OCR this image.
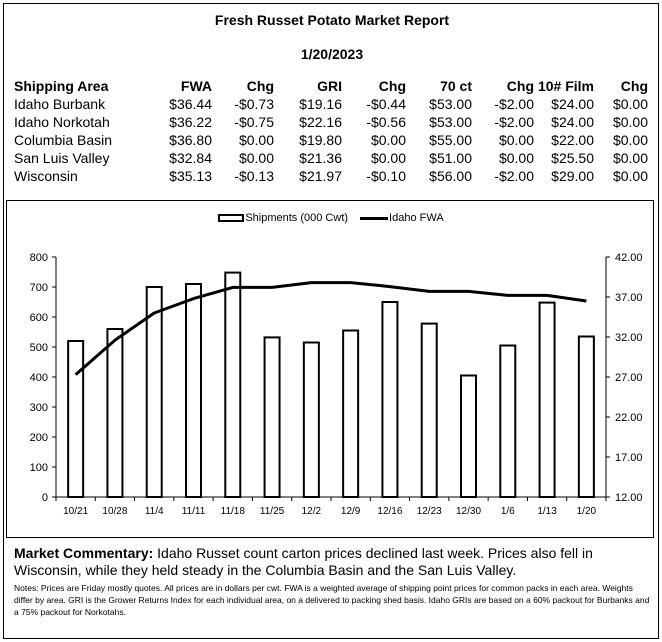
Fresh Russet Potato Market Report
1/20/2023
Shipping Area	FWA	Chg	GRI	Chg	70 ct	Chg	10# Film	Chg
Idaho Burbank	$36.44	-$0.73	$19.16	-$0.44	$53.00	-$2.00	$24.00	$0.00
Idaho Norkotah	$36.22	-$0.75	$22.16	-$0.56	$53.00	-$2.00	$24.00	$0.00
Columbia Basin	$36.80	$0.00	$19.80	$0.00	$55.00	$0.00	$22.00	$0.00
San Luis Valley	$32.84	$0.00	$21.36	$0.00	$51.00	$0.00	$25.50	$0.00
Wisconsin	$35.13	-$0.13	$21.97	-$0.10	$56.00	-$2.00	$29.00	$0.00
Shipments (000 Cwt)	Idaho FWA
0
100
200
300
400
500
600
700
800
12.00
17.00
22.00
27.00
32.00
37.00
42.00
10/21 10/28 11/4 11/11 11/18 11/25 12/2 12/9 12/16 12/23 12/30 1/6 1/13 1/20
Market Commentary: Idaho Russet count carton prices declined last week. Prices also fell in Wisconsin, while they held steady in the Columbia Basin and the San Luis Valley.
Notes: Prices are Friday mostly quotes. All prices are in dollars per cwt. FWA is a weighted average of shipping point prices for common packs in each area. Weights differ by area. GRI is the Grower Returns Index for each individual area, on a delivered to packing shed basis. Idaho GRIs are based on a 60% packout for Burbanks and a 75% packout for Norkotahs.
